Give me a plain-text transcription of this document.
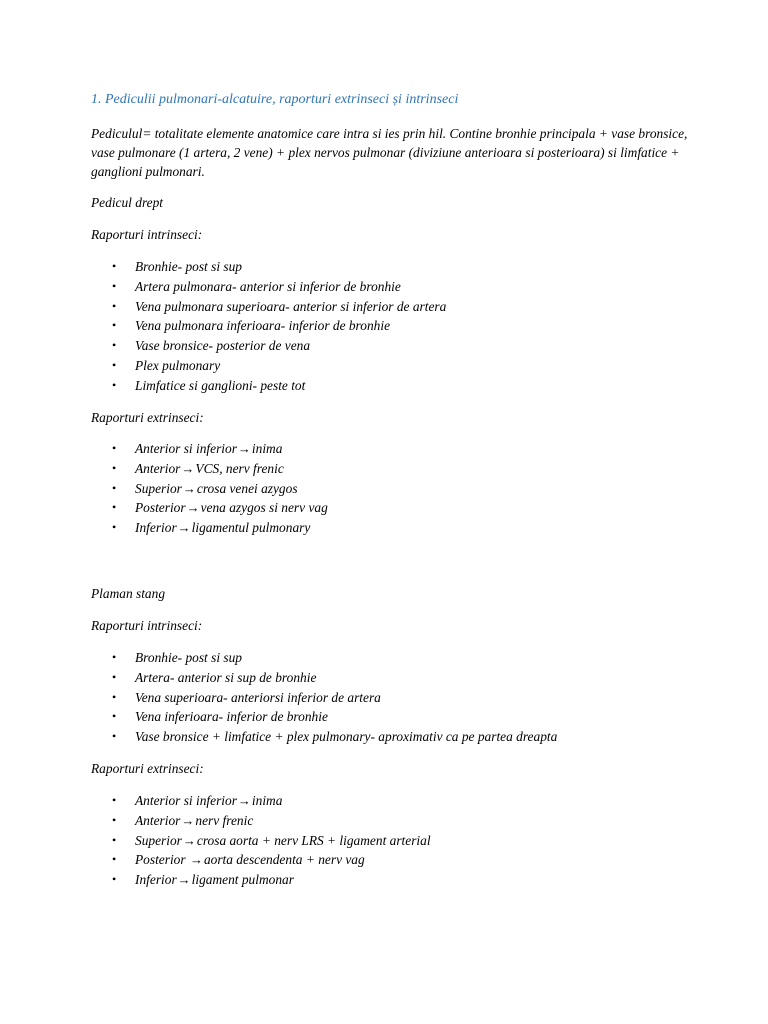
1. Pediculii pulmonari-alcatuire, raporturi extrinseci și intrinseci

Pediculul= totalitate elemente anatomice care intra si ies prin hil. Contine bronhie principala + vase bronsice, vase pulmonare (1 artera, 2 vene) + plex nervos pulmonar (diviziune anterioara si posterioara) si limfatice + ganglioni pulmonari.

Pedicul drept

Raporturi intrinseci:

• Bronhie- post si sup
• Artera pulmonara- anterior si inferior de bronhie
• Vena pulmonara superioara- anterior si inferior de artera
• Vena pulmonara inferioara- inferior de bronhie
• Vase bronsice- posterior de vena
• Plex pulmonary
• Limfatice si ganglioni- peste tot

Raporturi extrinseci:

• Anterior si inferior→inima
• Anterior→VCS, nerv frenic
• Superior→crosa venei azygos
• Posterior→vena azygos si nerv vag
• Inferior→ligamentul pulmonary

Plaman stang

Raporturi intrinseci:

• Bronhie- post si sup
• Artera- anterior si sup de bronhie
• Vena superioara- anteriorsi inferior de artera
• Vena inferioara- inferior de bronhie
• Vase bronsice + limfatice + plex pulmonary- aproximativ ca pe partea dreapta

Raporturi extrinseci:

• Anterior si inferior→inima
• Anterior→nerv frenic
• Superior→crosa aorta + nerv LRS + ligament arterial
• Posterior →aorta descendenta + nerv vag
• Inferior→ligament pulmonar
